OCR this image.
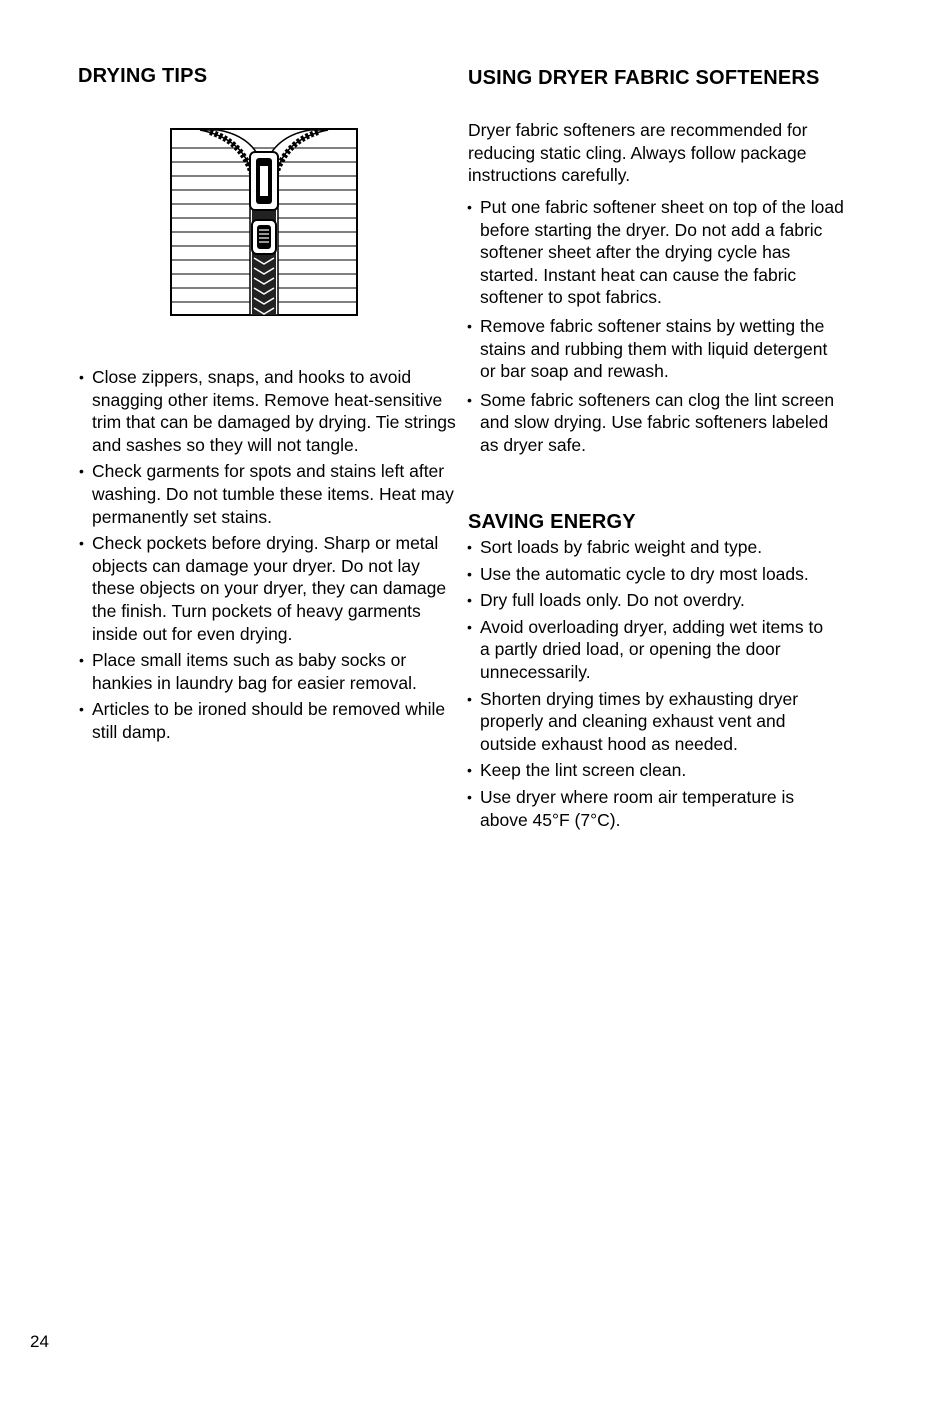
DRYING TIPS
• Close zippers, snaps, and hooks to avoid snagging other items. Remove heat-sensitive trim that can be damaged by drying. Tie strings and sashes so they will not tangle.
• Check garments for spots and stains left after washing. Do not tumble these items. Heat may permanently set stains.
• Check pockets before drying. Sharp or metal objects can damage your dryer. Do not lay these objects on your dryer, they can damage the finish. Turn pockets of heavy garments inside out for even drying.
• Place small items such as baby socks or hankies in laundry bag for easier removal.
• Articles to be ironed should be removed while still damp.
USING DRYER FABRIC SOFTENERS

Dryer fabric softeners are recommended for reducing static cling. Always follow package instructions carefully.

• Put one fabric softener sheet on top of the load before starting the dryer. Do not add a fabric softener sheet after the drying cycle has started. Instant heat can cause the fabric softener to spot fabrics.
• Remove fabric softener stains by wetting the stains and rubbing them with liquid detergent or bar soap and rewash.
• Some fabric softeners can clog the lint screen and slow drying. Use fabric softeners labeled as dryer safe.
SAVING ENERGY
• Sort loads by fabric weight and type.
• Use the automatic cycle to dry most loads.
• Dry full loads only. Do not overdry.
• Avoid overloading dryer, adding wet items to a partly dried load, or opening the door unnecessarily.
• Shorten drying times by exhausting dryer properly and cleaning exhaust vent and outside exhaust hood as needed.
• Keep the lint screen clean.
• Use dryer where room air temperature is above 45°F (7°C).
24
